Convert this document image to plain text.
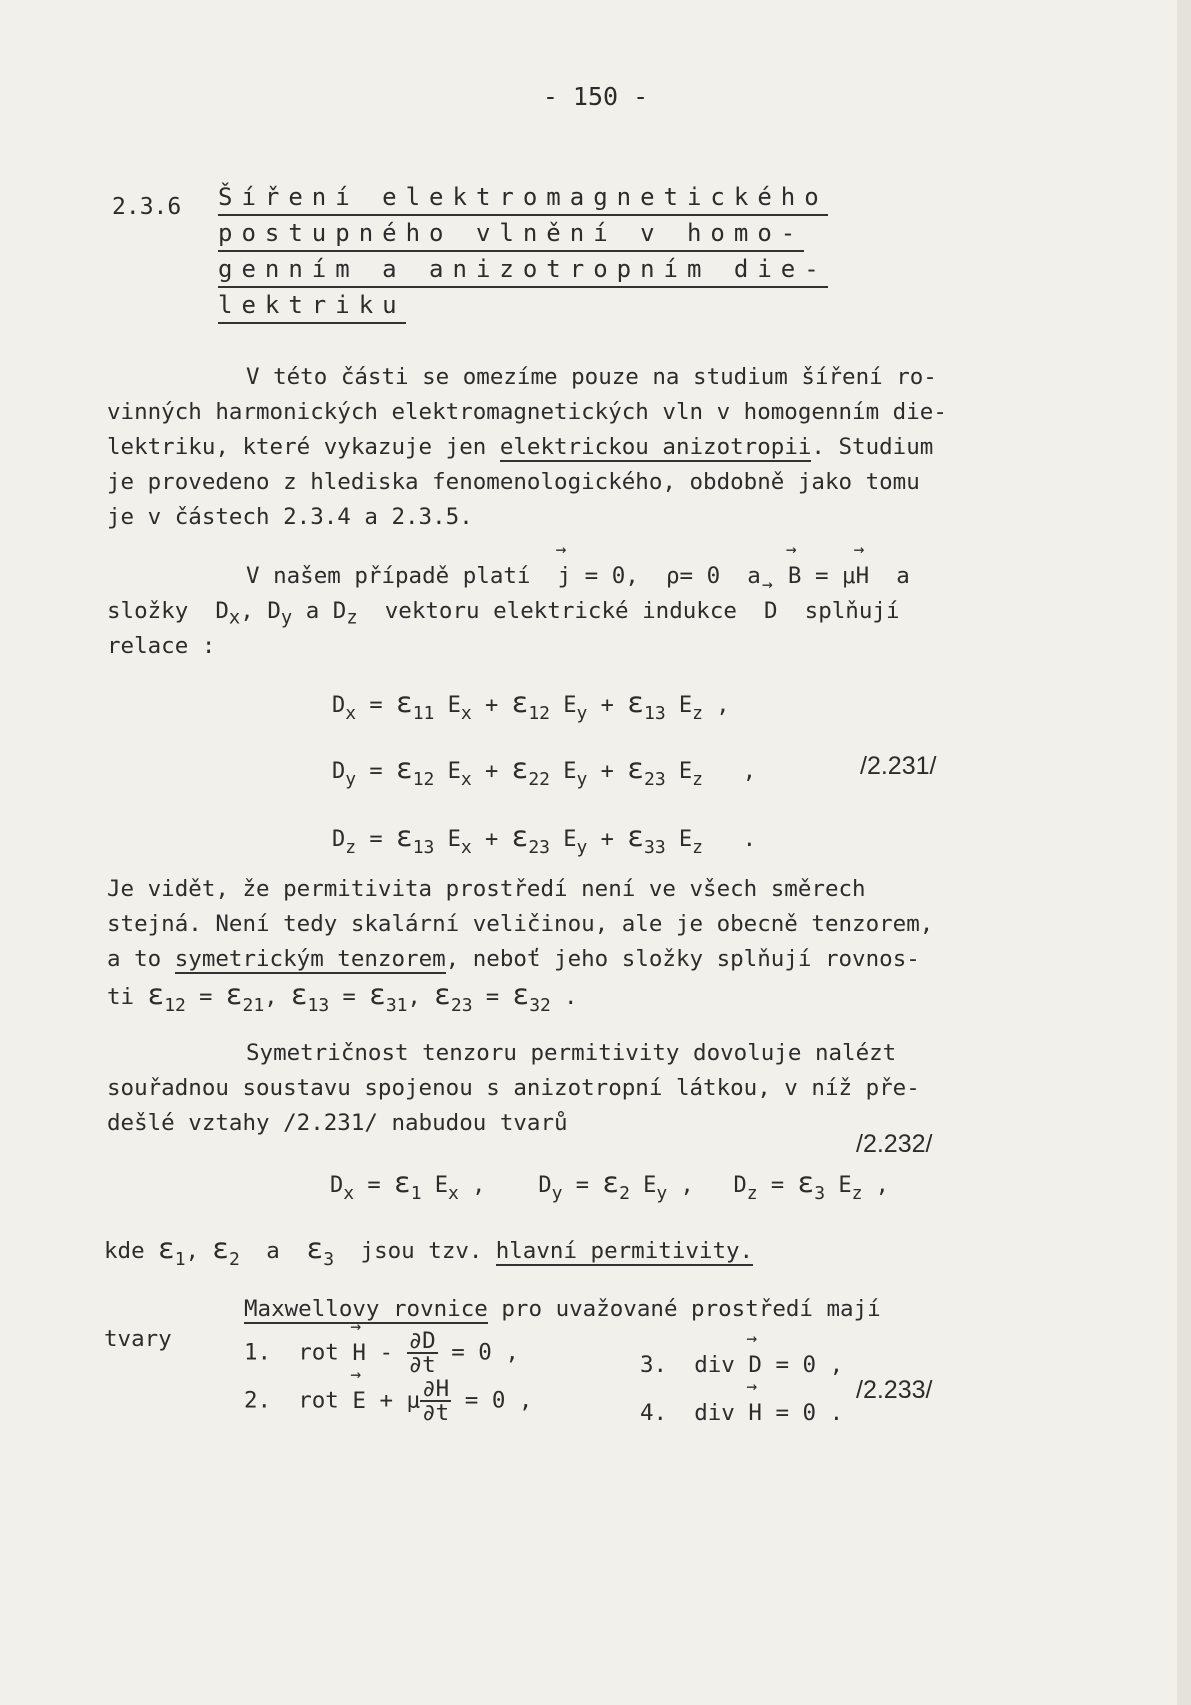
- 150 -
2.3.6 Šíření elektromagnetického
postupného vlnění v homo-
genním a anizotropním die-
lektriku
V této části se omezíme pouze na studium šíření ro-
vinných harmonických elektromagnetických vln v homogenním die-
lektriku, které vykazuje jen elektrickou anizotropii. Studium
je provedeno z hlediska fenomenologického, obdobně jako tomu
je v částech 2.3.4 a 2.3.5.
V našem případě platí → j = 0, ρ= 0 a → B = μ→ H a
složky $D_x$, $D_y$ a $D_z$ vektoru elektrické indukce → D splňují
relace :
$D_x = \varepsilon_{11}$ $E_x + \varepsilon_{12}$ $E_y + \varepsilon_{13}$ $E_z$ ,
$D_y = \varepsilon_{12}$ $E_x + \varepsilon_{22}$ $E_y + \varepsilon_{23}$ $E_z$ ,	/2.231/
$D_z = \varepsilon_{13}$ $E_x + \varepsilon_{23}$ $E_y + \varepsilon_{33}$ $E_z$ .
Je vidět, že permitivita prostředí není ve všech směrech
stejná. Není tedy skalární veličinou, ale je obecně tenzorem,
a to symetrickým tenzorem, neboť jeho složky splňují rovnos-
ti $\varepsilon_{12} = \varepsilon_{21}$, $\varepsilon_{13} = \varepsilon_{31}$, $\varepsilon_{23} = \varepsilon_{32}$ .
Symetričnost tenzoru permitivity dovoluje nalézt
souřadnou soustavu spojenou s anizotropní látkou, v níž pře-
dešlé vztahy /2.231/ nabudou tvarů
/2.232/
$D_x = \varepsilon_1$ $E_x$ , $D_y = \varepsilon_2$ $E_y$ , $D_z = \varepsilon_3$ $E_z$ ,
kde $\varepsilon_1$, $\varepsilon_2$ a $\varepsilon_3$ jsou tzv. hlavní permitivity.
Maxwellovy rovnice pro uvažované prostředí mají
tvary
1. rot → $H - \frac{\partial D}{\partial t} = 0$ ,	3. div → D = 0 ,
/2.233/
2. rot → E + μ $\frac{\partial H}{\partial t} = 0$ ,	4. div → H = 0 .
